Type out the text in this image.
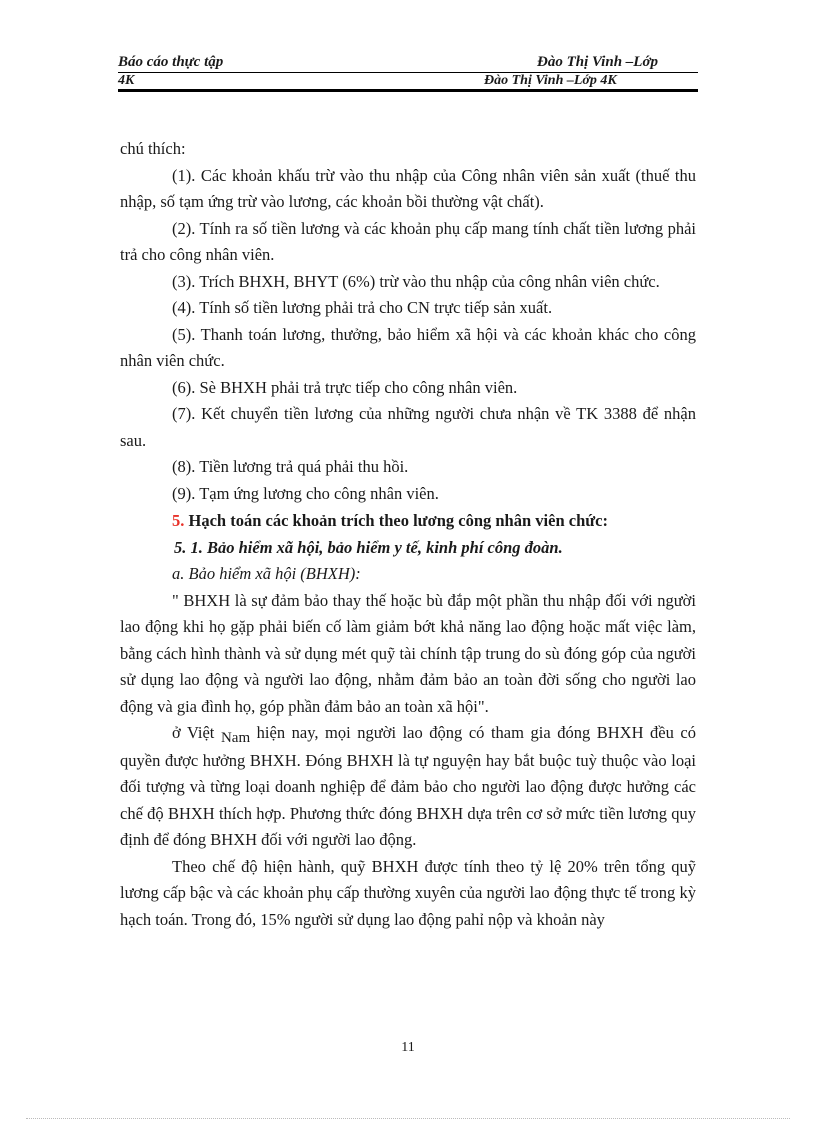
Báo cáo thực tập	Đào Thị Vinh –Lớp
4K	Đào Thị Vinh –Lớp 4K

chú thích:

(1). Các khoản khấu trừ vào thu nhập của Công nhân viên sản xuất (thuế thu nhập, số tạm ứng trừ vào lương, các khoản bồi thường vật chất).

(2). Tính ra số tiền lương và các khoản phụ cấp mang tính chất tiền lương phải trả cho công nhân viên.

(3). Trích BHXH, BHYT (6%) trừ vào thu nhập của công nhân viên chức.

(4). Tính số tiền lương phải trả cho CN trực tiếp sản xuất.

(5). Thanh toán lương, thưởng, bảo hiểm xã hội và các khoản khác cho công nhân viên chức.

(6). Sè BHXH phải trả trực tiếp cho công nhân viên.

(7). Kết chuyển tiền lương của những người chưa nhận về TK 3388 để nhận sau.

(8). Tiền lương trả quá phải thu hồi.

(9). Tạm ứng lương cho công nhân viên.

5. Hạch toán các khoản trích theo lương công nhân viên chức:

5. 1. Bảo hiểm xã hội, bảo hiểm y tế, kinh phí công đoàn.

a. Bảo hiểm xã hội (BHXH):

" BHXH là sự đảm bảo thay thế hoặc bù đắp một phần thu nhập đối với người lao động khi họ gặp phải biến cố làm giảm bớt khả năng lao động hoặc mất việc làm, bằng cách hình thành và sử dụng mét quỹ tài chính tập trung do sù đóng góp của người sử dụng lao động và người lao động, nhằm đảm bảo an toàn đời sống cho người lao động và gia đình họ, góp phần đảm bảo an toàn xã hội".

ở Việt Nam hiện nay, mọi người lao động có tham gia đóng BHXH đều có quyền được hưởng BHXH. Đóng BHXH là tự nguyện hay bắt buộc tuỳ thuộc vào loại đối tượng và từng loại doanh nghiệp để đảm bảo cho người lao động được hưởng các chế độ BHXH thích hợp. Phương thức đóng BHXH dựa trên cơ sở mức tiền lương quy định để đóng BHXH đối với người lao động.

Theo chế độ hiện hành, quỹ BHXH được tính theo tỷ lệ 20% trên tổng quỹ lương cấp bậc và các khoản phụ cấp thường xuyên của người lao động thực tế trong kỳ hạch toán. Trong đó, 15% người sử dụng lao động pahỉ nộp và khoản này

11
